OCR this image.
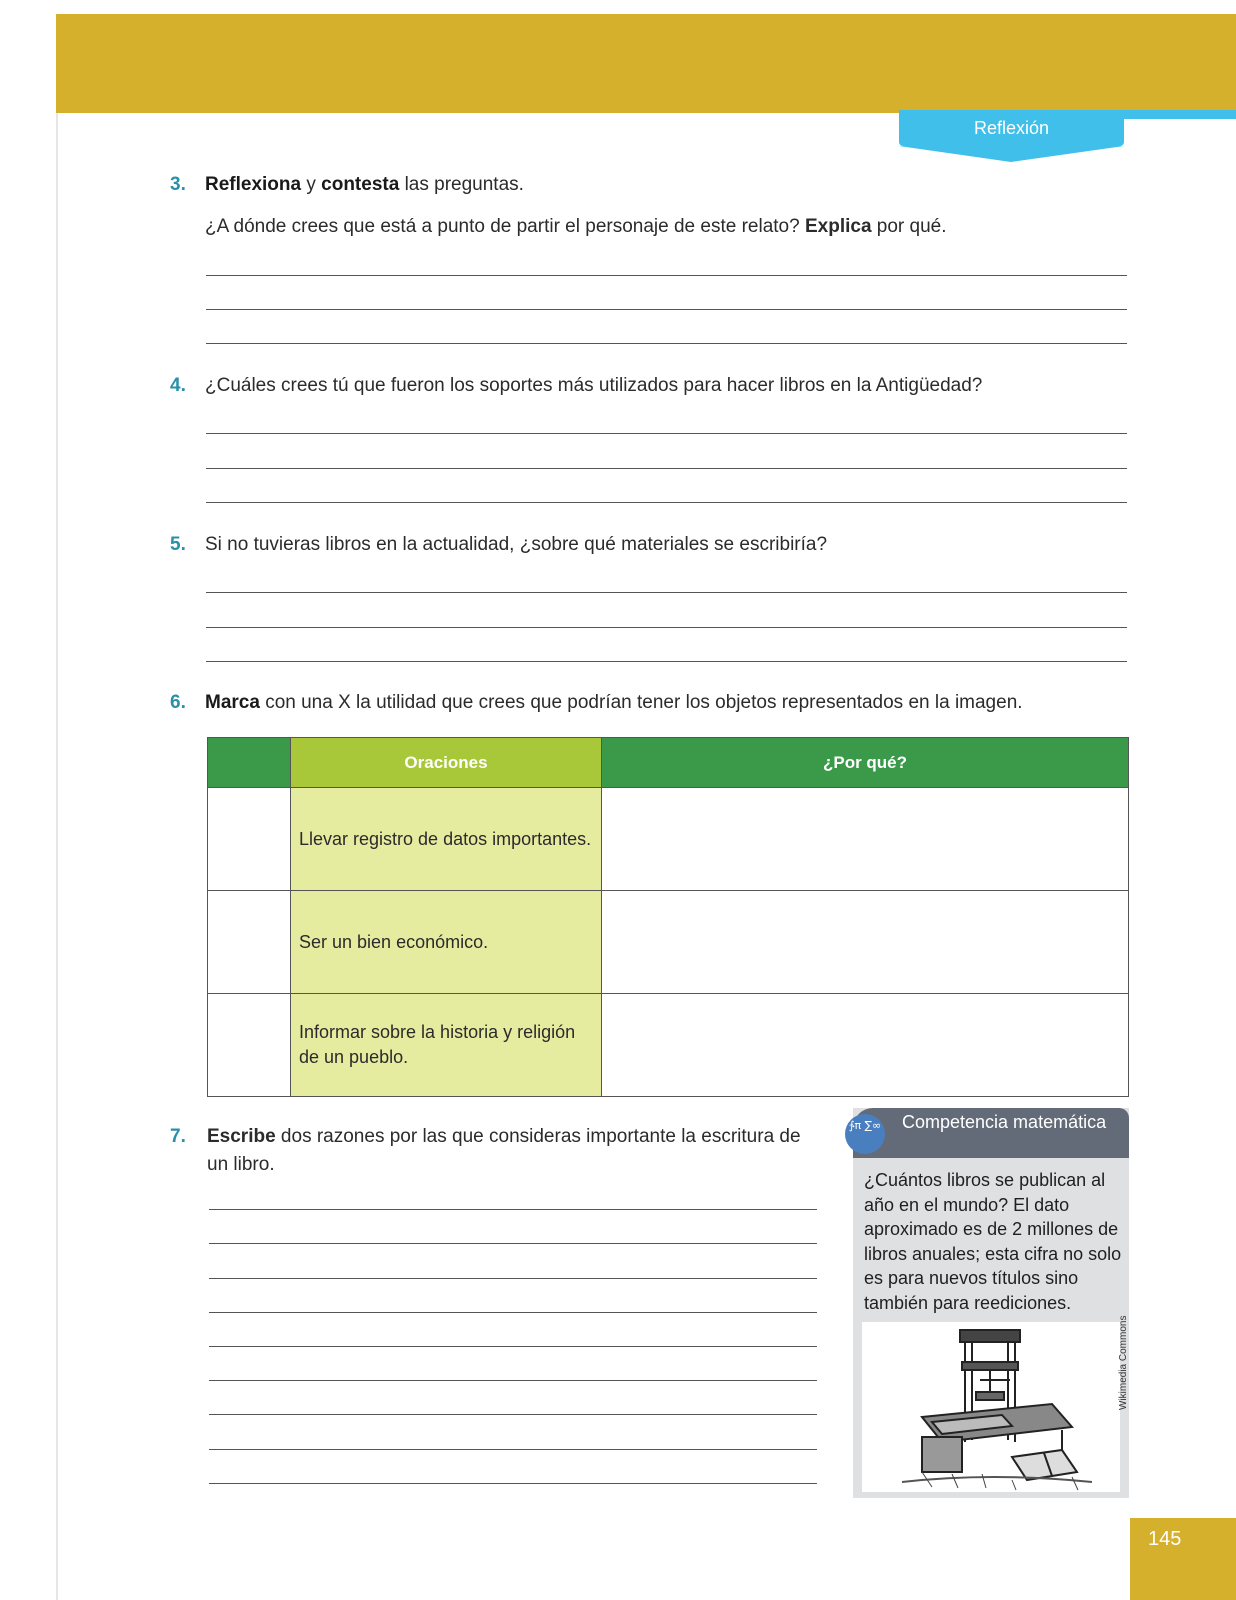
Reflexión
3. Reflexiona y contesta las preguntas.
¿A dónde crees que está a punto de partir el personaje de este relato? Explica por qué.
4. ¿Cuáles crees tú que fueron los soportes más utilizados para hacer libros en la Antigüedad?
5. Si no tuvieras libros en la actualidad, ¿sobre qué materiales se escribiría?
6. Marca con una X la utilidad que crees que podrían tener los objetos representados en la imagen.
	Oraciones	¿Por qué?
	Llevar registro de datos importantes.	
	Ser un bien económico.	
	Informar sobre la historia y religión de un pueblo.	
7. Escribe dos razones por las que consideras importante la escritura de un libro.
∱π ∑∞ Competencia matemática
¿Cuántos libros se publican al año en el mundo? El dato aproximado es de 2 millones de libros anuales; esta cifra no solo es para nuevos títulos sino también para reediciones.
Wikimedia Commons
145
